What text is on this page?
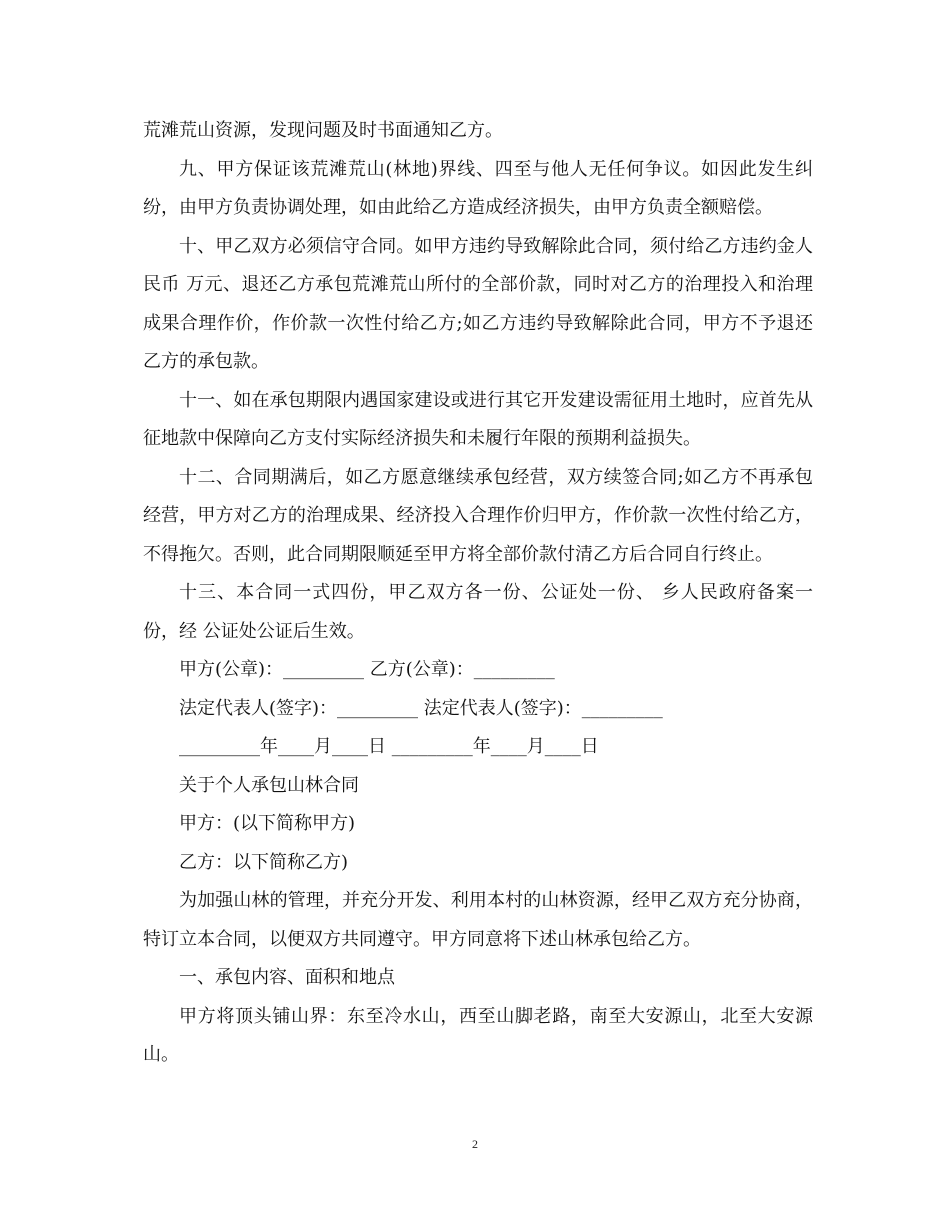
荒滩荒山资源，发现问题及时书面通知乙方。

九、甲方保证该荒滩荒山(林地)界线、四至与他人无任何争议。如因此发生纠纷，由甲方负责协调处理，如由此给乙方造成经济损失，由甲方负责全额赔偿。

十、甲乙双方必须信守合同。如甲方违约导致解除此合同，须付给乙方违约金人民币 万元、退还乙方承包荒滩荒山所付的全部价款，同时对乙方的治理投入和治理成果合理作价，作价款一次性付给乙方;如乙方违约导致解除此合同，甲方不予退还乙方的承包款。

十一、如在承包期限内遇国家建设或进行其它开发建设需征用土地时，应首先从征地款中保障向乙方支付实际经济损失和未履行年限的预期利益损失。

十二、合同期满后，如乙方愿意继续承包经营，双方续签合同;如乙方不再承包经营，甲方对乙方的治理成果、经济投入合理作价归甲方，作价款一次性付给乙方，不得拖欠。否则，此合同期限顺延至甲方将全部价款付清乙方后合同自行终止。

十三、本合同一式四份，甲乙双方各一份、公证处一份、 乡人民政府备案一份，经 公证处公证后生效。

甲方(公章)：_________ 乙方(公章)：_________

法定代表人(签字)：_________ 法定代表人(签字)：_________

_________年____月____日 _________年____月____日

关于个人承包山林合同

甲方：(以下简称甲方)

乙方：以下简称乙方)

为加强山林的管理，并充分开发、利用本村的山林资源，经甲乙双方充分协商，特订立本合同，以便双方共同遵守。甲方同意将下述山林承包给乙方。

一、承包内容、面积和地点

甲方将顶头铺山界：东至冷水山，西至山脚老路，南至大安源山，北至大安源山。

2
